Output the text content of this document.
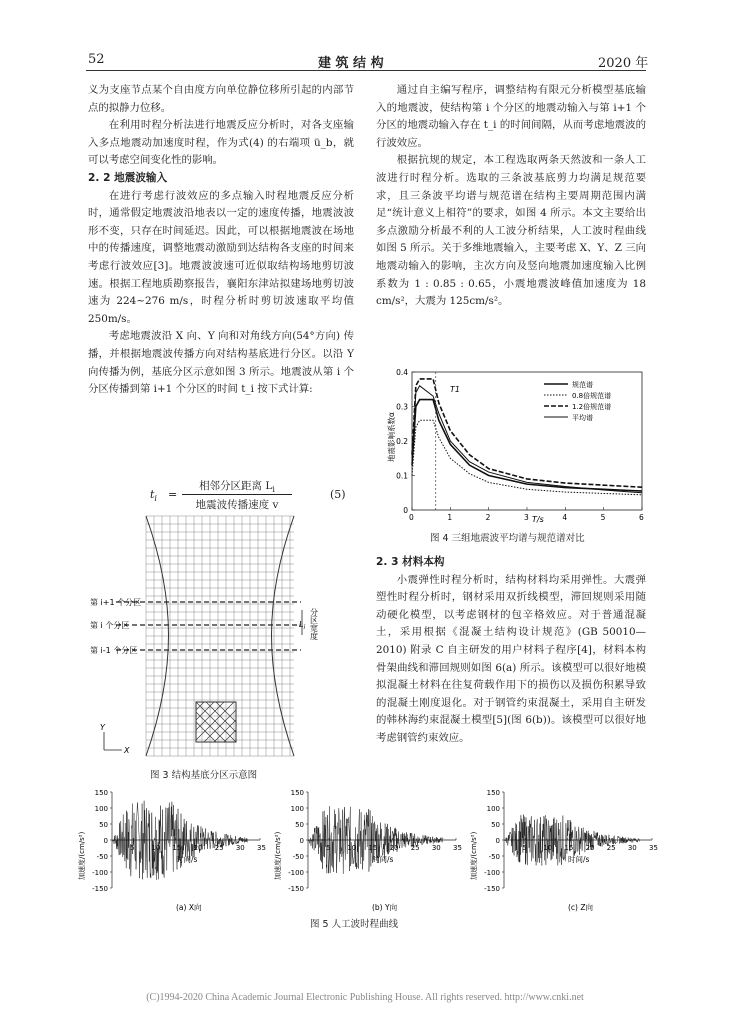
52	建 筑 结 构	2020 年

义为支座节点某个自由度方向单位静位移所引起的内部节点的拟静力位移。

在利用时程分析法进行地震反应分析时，对各支座输入多点地震动加速度时程，作为式(4) 的右端项 ü_b，就可以考虑空间变化性的影响。

2. 2 地震波输入

在进行考虑行波效应的多点输入时程地震反应分析时，通常假定地震波沿地表以一定的速度传播，地震波波形不变，只存在时间延迟。因此，可以根据地震波在场地中的传播速度，调整地震动激励到达结构各支座的时间来考虑行波效应[3]。地震波波速可近似取结构场地剪切波速。根据工程地质勘察报告，襄阳东津站拟建场地剪切波速为 224~276 m/s，时程分析时剪切波速取平均值 250m/s。

考虑地震波沿 X 向、Y 向和对角线方向(54°方向) 传播，并根据地震波传播方向对结构基底进行分区。以沿 Y 向传播为例，基底分区示意如图 3 所示。地震波从第 i 个分区传播到第 i+1 个分区的时间 t_i 按下式计算:

$t_i$ =
相邻分区距离 $L_i$
地震波传播速度 v
(5)
第 i+1 个分区
第 i 个分区
第 i-1 个分区
$L_i$ 分区宽度
Y
X
图 3 结构基底分区示意图

通过自主编写程序，调整结构有限元分析模型基底输入的地震波，使结构第 i 个分区的地震动输入与第 i+1 个分区的地震动输入存在 t_i 的时间间隔，从而考虑地震波的行波效应。

根据抗规的规定，本工程选取两条天然波和一条人工波进行时程分析。选取的三条波基底剪力均满足规范要求，且三条波平均谱与规范谱在结构主要周期范围内满足“统计意义上相符”的要求，如图 4 所示。本文主要给出多点激励分析最不利的人工波分析结果，人工波时程曲线如图 5 所示。关于多维地震输入，主要考虑 X、Y、Z 三向地震动输入的影响，主次方向及竖向地震加速度输入比例系数为 1 : 0.85 : 0.65，小震地震波峰值加速度为 18 cm/s²，大震为 125cm/s²。

地震影响系数α
T/s
T1
0	1	2	3	4	5	6
0
0.1
0.2
0.3
0.4
规范谱
0.8倍规范谱
1.2倍规范谱
平均谱
图 4 三组地震波平均谱与规范谱对比

2. 3 材料本构

小震弹性时程分析时，结构材料均采用弹性。大震弹塑性时程分析时，钢材采用双折线模型，滞回规则采用随动硬化模型，以考虑钢材的包辛格效应。对于普通混凝土，采用根据《混凝土结构设计规范》(GB 50010—2010) 附录 C 自主研发的用户材料子程序[4]，材料本构骨架曲线和滞回规则如图 6(a) 所示。该模型可以很好地模拟混凝土材料在往复荷载作用下的损伤以及损伤积累导致的混凝土刚度退化。对于钢管约束混凝土，采用自主研发的韩林海约束混凝土模型[5](图 6(b))。该模型可以很好地考虑钢管约束效应。

150
100
50
0
-50
-100
-150
5 10 15 20 25 30 35
加速度/(cm/s²)	时间/s
(a) X向
150
100
50
0
-50
-100
-150
5 10 15 20 25 30 35
加速度/(cm/s²)	时间/s
(b) Y向
150
100
50
0
-50
-100
-150
5 10 15 20 25 30 35
加速度/(cm/s²)	时间/s
(c) Z向
图 5 人工波时程曲线
(C)1994-2020 China Academic Journal Electronic Publishing House. All rights reserved. http://www.cnki.net
